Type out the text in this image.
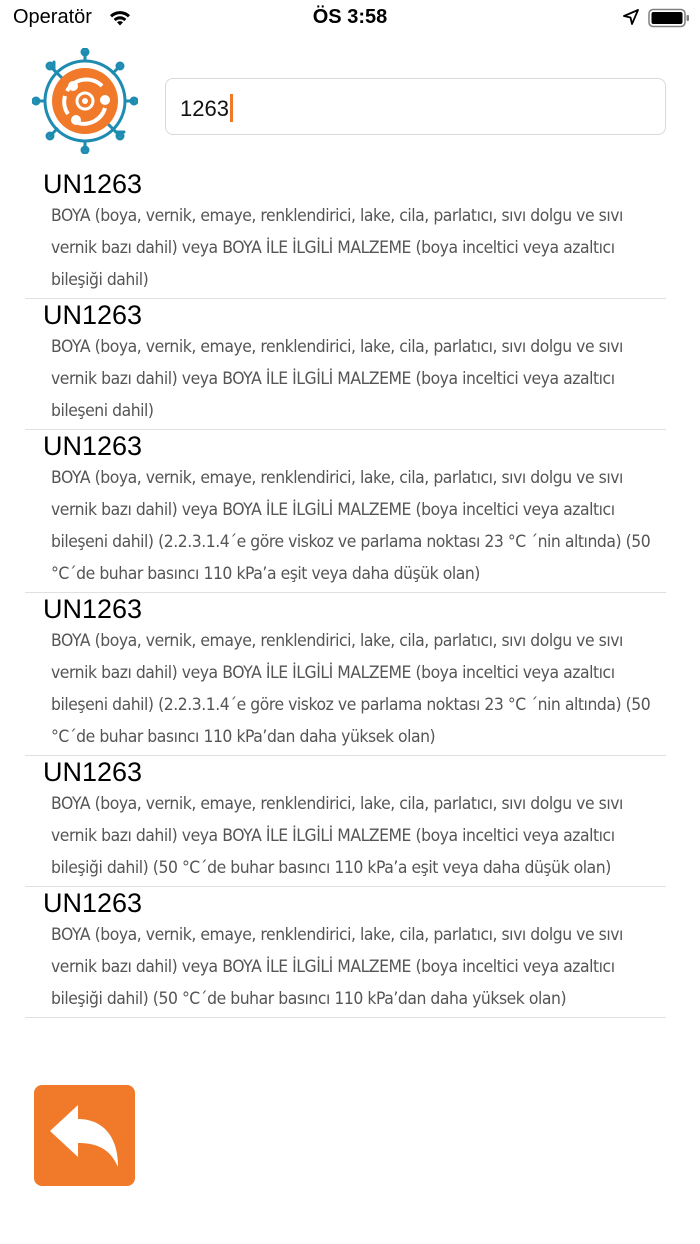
Operatör	ÖS 3:58
1263
UN1263
BOYA (boya, vernik, emaye, renklendirici, lake, cila, parlatıcı, sıvı dolgu ve sıvı vernik bazı dahil) veya BOYA İLE İLGİLİ MALZEME (boya inceltici veya azaltıcı bileşiği dahil)
UN1263
BOYA (boya, vernik, emaye, renklendirici, lake, cila, parlatıcı, sıvı dolgu ve sıvı vernik bazı dahil) veya BOYA İLE İLGİLİ MALZEME (boya inceltici veya azaltıcı bileşeni dahil)
UN1263
BOYA (boya, vernik, emaye, renklendirici, lake, cila, parlatıcı, sıvı dolgu ve sıvı vernik bazı dahil) veya BOYA İLE İLGİLİ MALZEME (boya inceltici veya azaltıcı bileşeni dahil) (2.2.3.1.4´e göre viskoz ve parlama noktası 23 °C ´nin altında) (50 °C´de buhar basıncı 110 kPa’a eşit veya daha düşük olan)
UN1263
BOYA (boya, vernik, emaye, renklendirici, lake, cila, parlatıcı, sıvı dolgu ve sıvı vernik bazı dahil) veya BOYA İLE İLGİLİ MALZEME (boya inceltici veya azaltıcı bileşeni dahil) (2.2.3.1.4´e göre viskoz ve parlama noktası 23 °C ´nin altında) (50 °C´de buhar basıncı 110 kPa’dan daha yüksek olan)
UN1263
BOYA (boya, vernik, emaye, renklendirici, lake, cila, parlatıcı, sıvı dolgu ve sıvı vernik bazı dahil) veya BOYA İLE İLGİLİ MALZEME (boya inceltici veya azaltıcı bileşiği dahil) (50 °C´de buhar basıncı 110 kPa’a eşit veya daha düşük olan)
UN1263
BOYA (boya, vernik, emaye, renklendirici, lake, cila, parlatıcı, sıvı dolgu ve sıvı vernik bazı dahil) veya BOYA İLE İLGİLİ MALZEME (boya inceltici veya azaltıcı bileşiği dahil) (50 °C´de buhar basıncı 110 kPa’dan daha yüksek olan)
